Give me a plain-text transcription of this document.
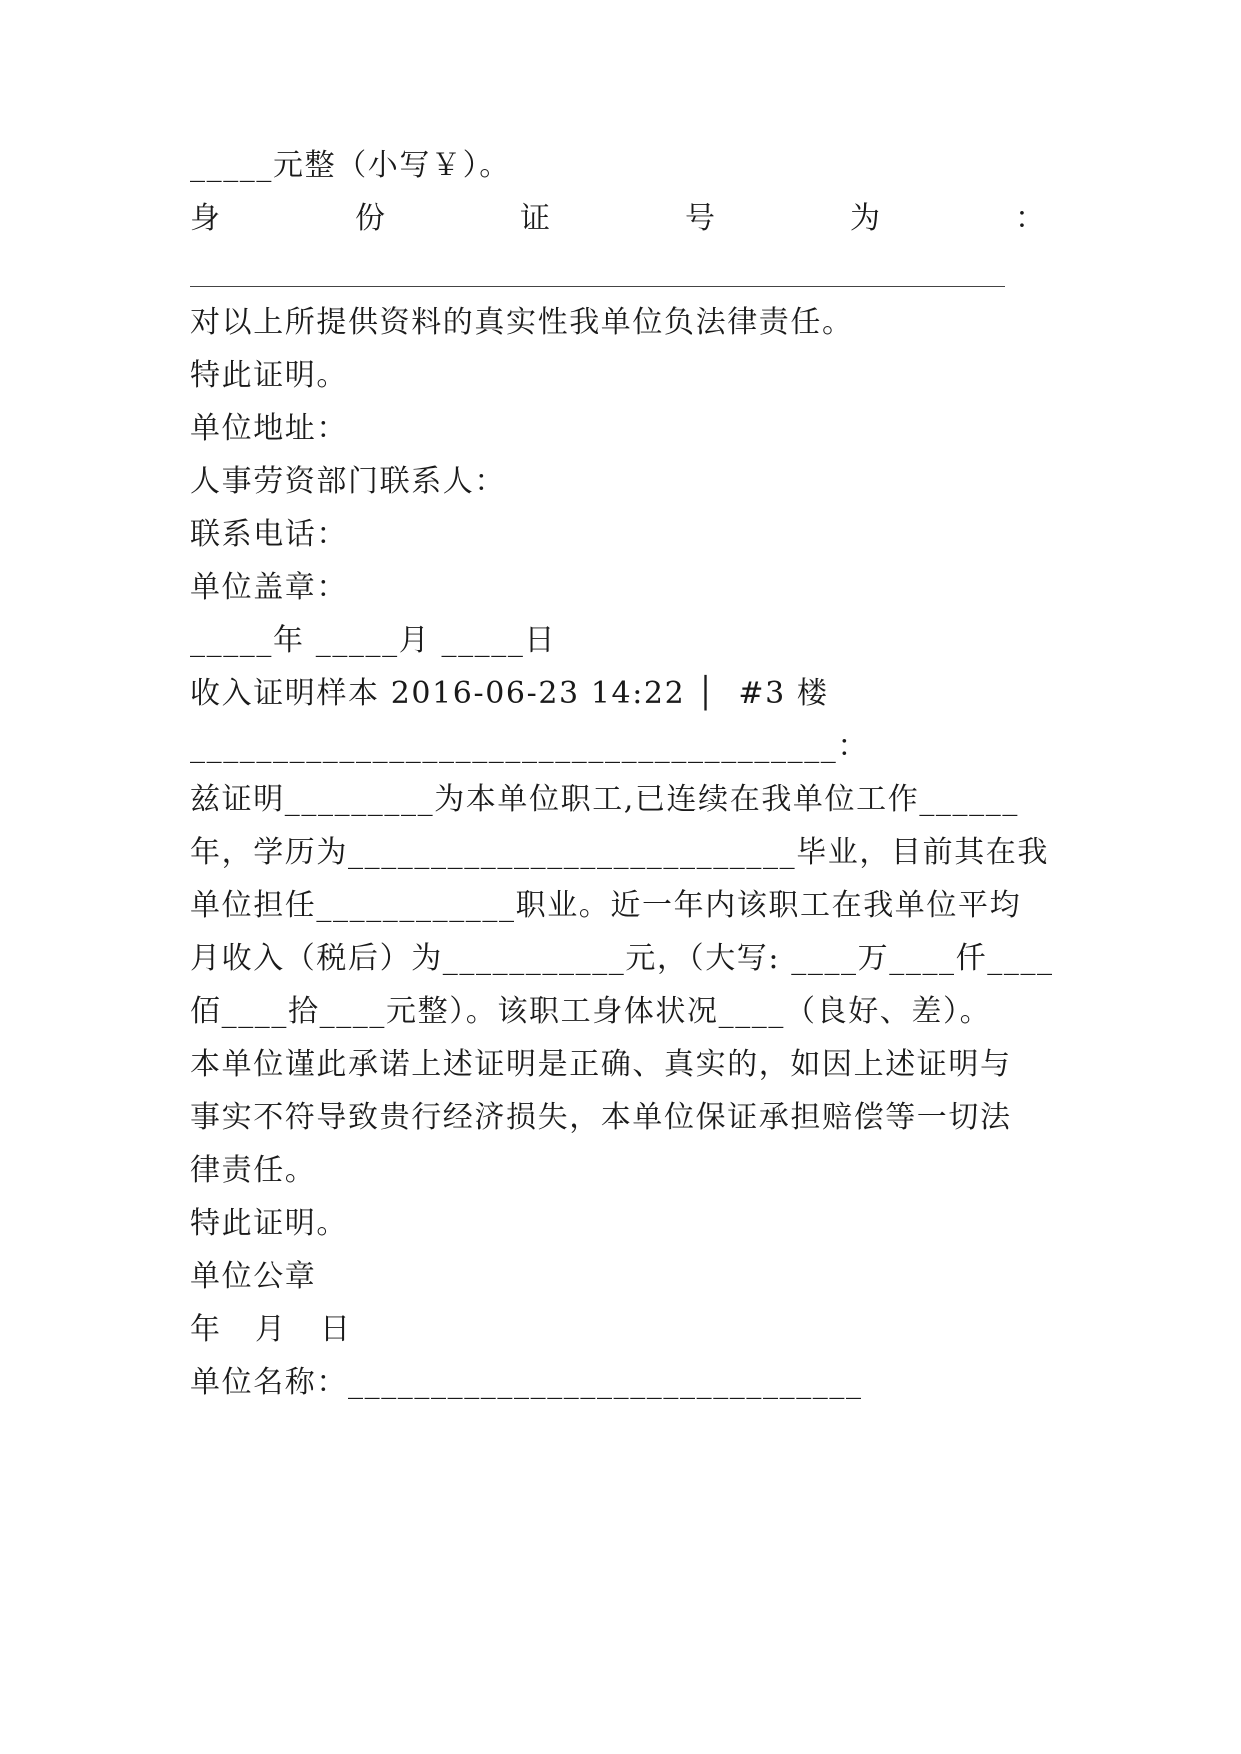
_____元整（小写￥）。
身	份	证	号	为	：
对以上所提供资料的真实性我单位负法律责任。
特此证明。
单位地址：
人事劳资部门联系人：
联系电话：
单位盖章：
_____年 _____月 _____日
收入证明样本 2016-06-23 14:22 │  #3 楼
_______________________________________：
兹证明_________为本单位职工,已连续在我单位工作______
年，学历为___________________________毕业，目前其在我
单位担任____________职业。近一年内该职工在我单位平均
月收入（税后）为___________元，（大写: ____万____仟____
佰____拾____元整）。该职工身体状况____（良好、差）。
本单位谨此承诺上述证明是正确、真实的，如因上述证明与
事实不符导致贵行经济损失，本单位保证承担赔偿等一切法
律责任。
特此证明。
单位公章
年   月   日
单位名称：_______________________________
